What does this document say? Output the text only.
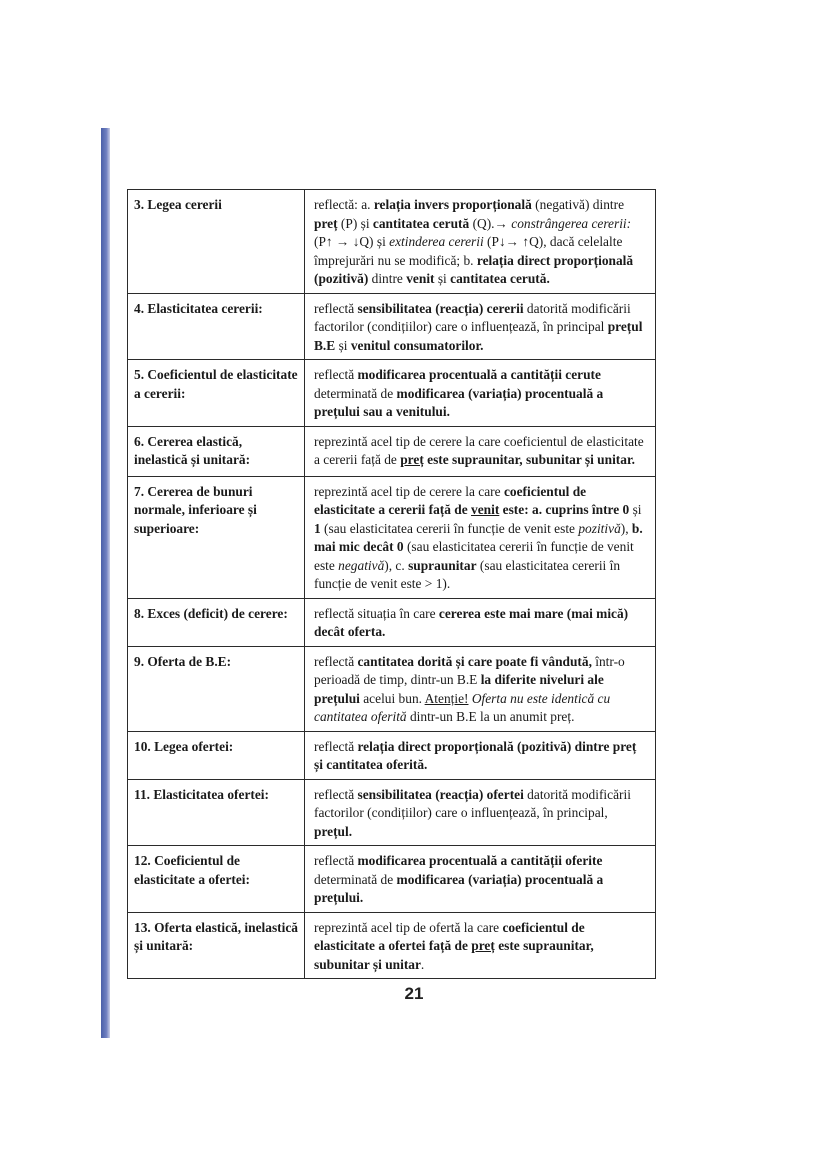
3. Legea cererii	reflectă: a. relația invers proporțională (negativă) dintre preț (P) și cantitatea cerută (Q).→ constrângerea cererii: (P↑ → ↓Q) și extinderea cererii (P↓→ ↑Q), dacă celelalte împrejurări nu se modifică; b. relația direct proporțională (pozitivă) dintre venit și cantitatea cerută.
4. Elasticitatea cererii:	reflectă sensibilitatea (reacția) cererii datorită modificării factorilor (condițiilor) care o influențează, în principal prețul B.E și venitul consumatorilor.
5. Coeficientul de elasticitate a cererii:	reflectă modificarea procentuală a cantității cerute determinată de modificarea (variația) procentuală a prețului sau a venitului.
6. Cererea elastică, inelastică și unitară:	reprezintă acel tip de cerere la care coeficientul de elasticitate a cererii față de preț este supraunitar, subunitar și unitar.
7. Cererea de bunuri normale, inferioare și superioare:	reprezintă acel tip de cerere la care coeficientul de elasticitate a cererii față de venit este: a. cuprins între 0 și 1 (sau elasticitatea cererii în funcție de venit este pozitivă), b. mai mic decât 0 (sau elasticitatea cererii în funcție de venit este negativă), c. supraunitar (sau elasticitatea cererii în funcție de venit este > 1).
8. Exces (deficit) de cerere:	reflectă situația în care cererea este mai mare (mai mică) decât oferta.
9. Oferta de B.E:	reflectă cantitatea dorită și care poate fi vândută, într-o perioadă de timp, dintr-un B.E la diferite niveluri ale prețului acelui bun. Atenție! Oferta nu este identică cu cantitatea oferită dintr-un B.E la un anumit preț.
10. Legea ofertei:	reflectă relația direct proporțională (pozitivă) dintre preț și cantitatea oferită.
11. Elasticitatea ofertei:	reflectă sensibilitatea (reacția) ofertei datorită modificării factorilor (condițiilor) care o influențează, în principal, prețul.
12. Coeficientul de elasticitate a ofertei:	reflectă modificarea procentuală a cantității oferite determinată de modificarea (variația) procentuală a prețului.
13. Oferta elastică, inelastică și unitară:	reprezintă acel tip de ofertă la care coeficientul de elasticitate a ofertei față de preț este supraunitar, subunitar și unitar.
21
